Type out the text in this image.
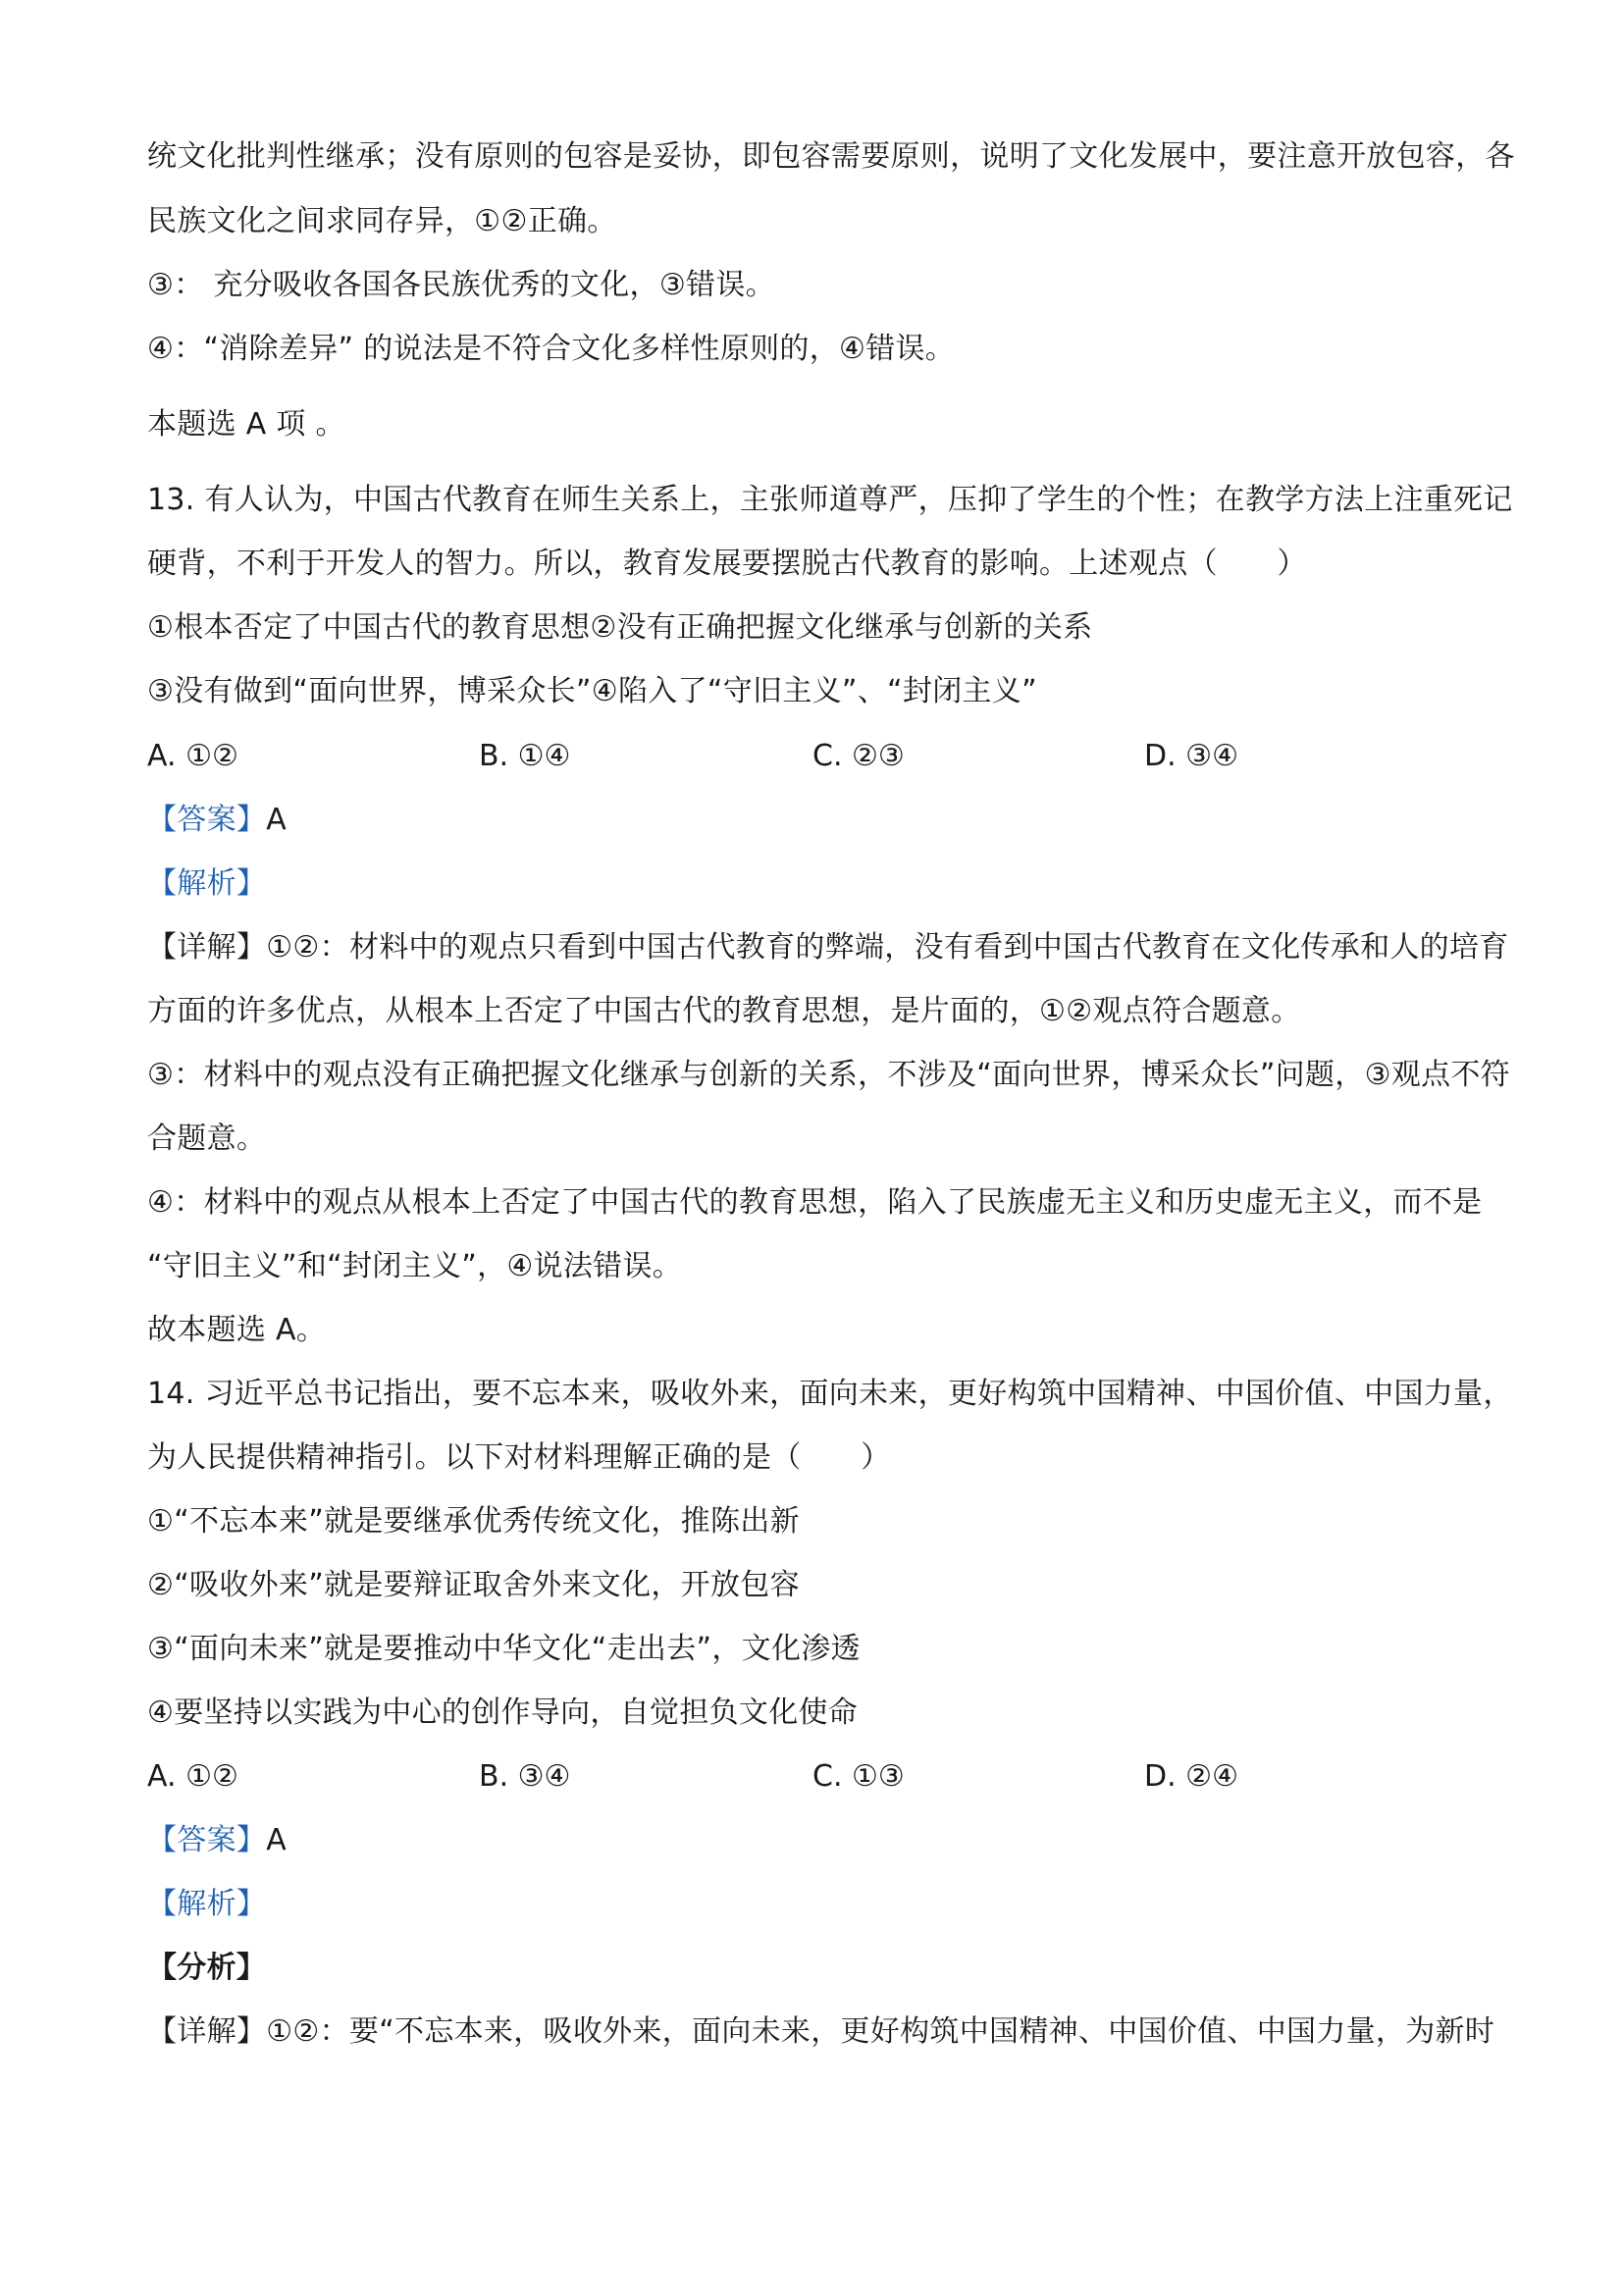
统文化批判性继承；没有原则的包容是妥协，即包容需要原则，说明了文化发展中，要注意开放包容，各
民族文化之间求同存异，①②正确。
③： 充分吸收各国各民族优秀的文化，③错误。
④：“消除差异” 的说法是不符合文化多样性原则的，④错误。
本题选 A 项 。
13. 有人认为，中国古代教育在师生关系上，主张师道尊严，压抑了学生的个性；在教学方法上注重死记
硬背，不利于开发人的智力。所以，教育发展要摆脱古代教育的影响。上述观点（　　）
①根本否定了中国古代的教育思想②没有正确把握文化继承与创新的关系
③没有做到“面向世界，博采众长”④陷入了“守旧主义”、“封闭主义”
A. ①②	B. ①④	C. ②③	D. ③④
【答案】A
【解析】
【详解】①②：材料中的观点只看到中国古代教育的弊端，没有看到中国古代教育在文化传承和人的培育
方面的许多优点，从根本上否定了中国古代的教育思想，是片面的，①②观点符合题意。
③：材料中的观点没有正确把握文化继承与创新的关系，不涉及“面向世界，博采众长”问题，③观点不符
合题意。
④：材料中的观点从根本上否定了中国古代的教育思想，陷入了民族虚无主义和历史虚无主义，而不是
“守旧主义”和“封闭主义”，④说法错误。
故本题选 A。
14. 习近平总书记指出，要不忘本来，吸收外来，面向未来，更好构筑中国精神、中国价值、中国力量，
为人民提供精神指引。以下对材料理解正确的是（　　）
①“不忘本来”就是要继承优秀传统文化，推陈出新
②“吸收外来”就是要辩证取舍外来文化，开放包容
③“面向未来”就是要推动中华文化“走出去”，文化渗透
④要坚持以实践为中心的创作导向，自觉担负文化使命
A. ①②	B. ③④	C. ①③	D. ②④
【答案】A
【解析】
【分析】
【详解】①②：要“不忘本来，吸收外来，面向未来，更好构筑中国精神、中国价值、中国力量，为新时
